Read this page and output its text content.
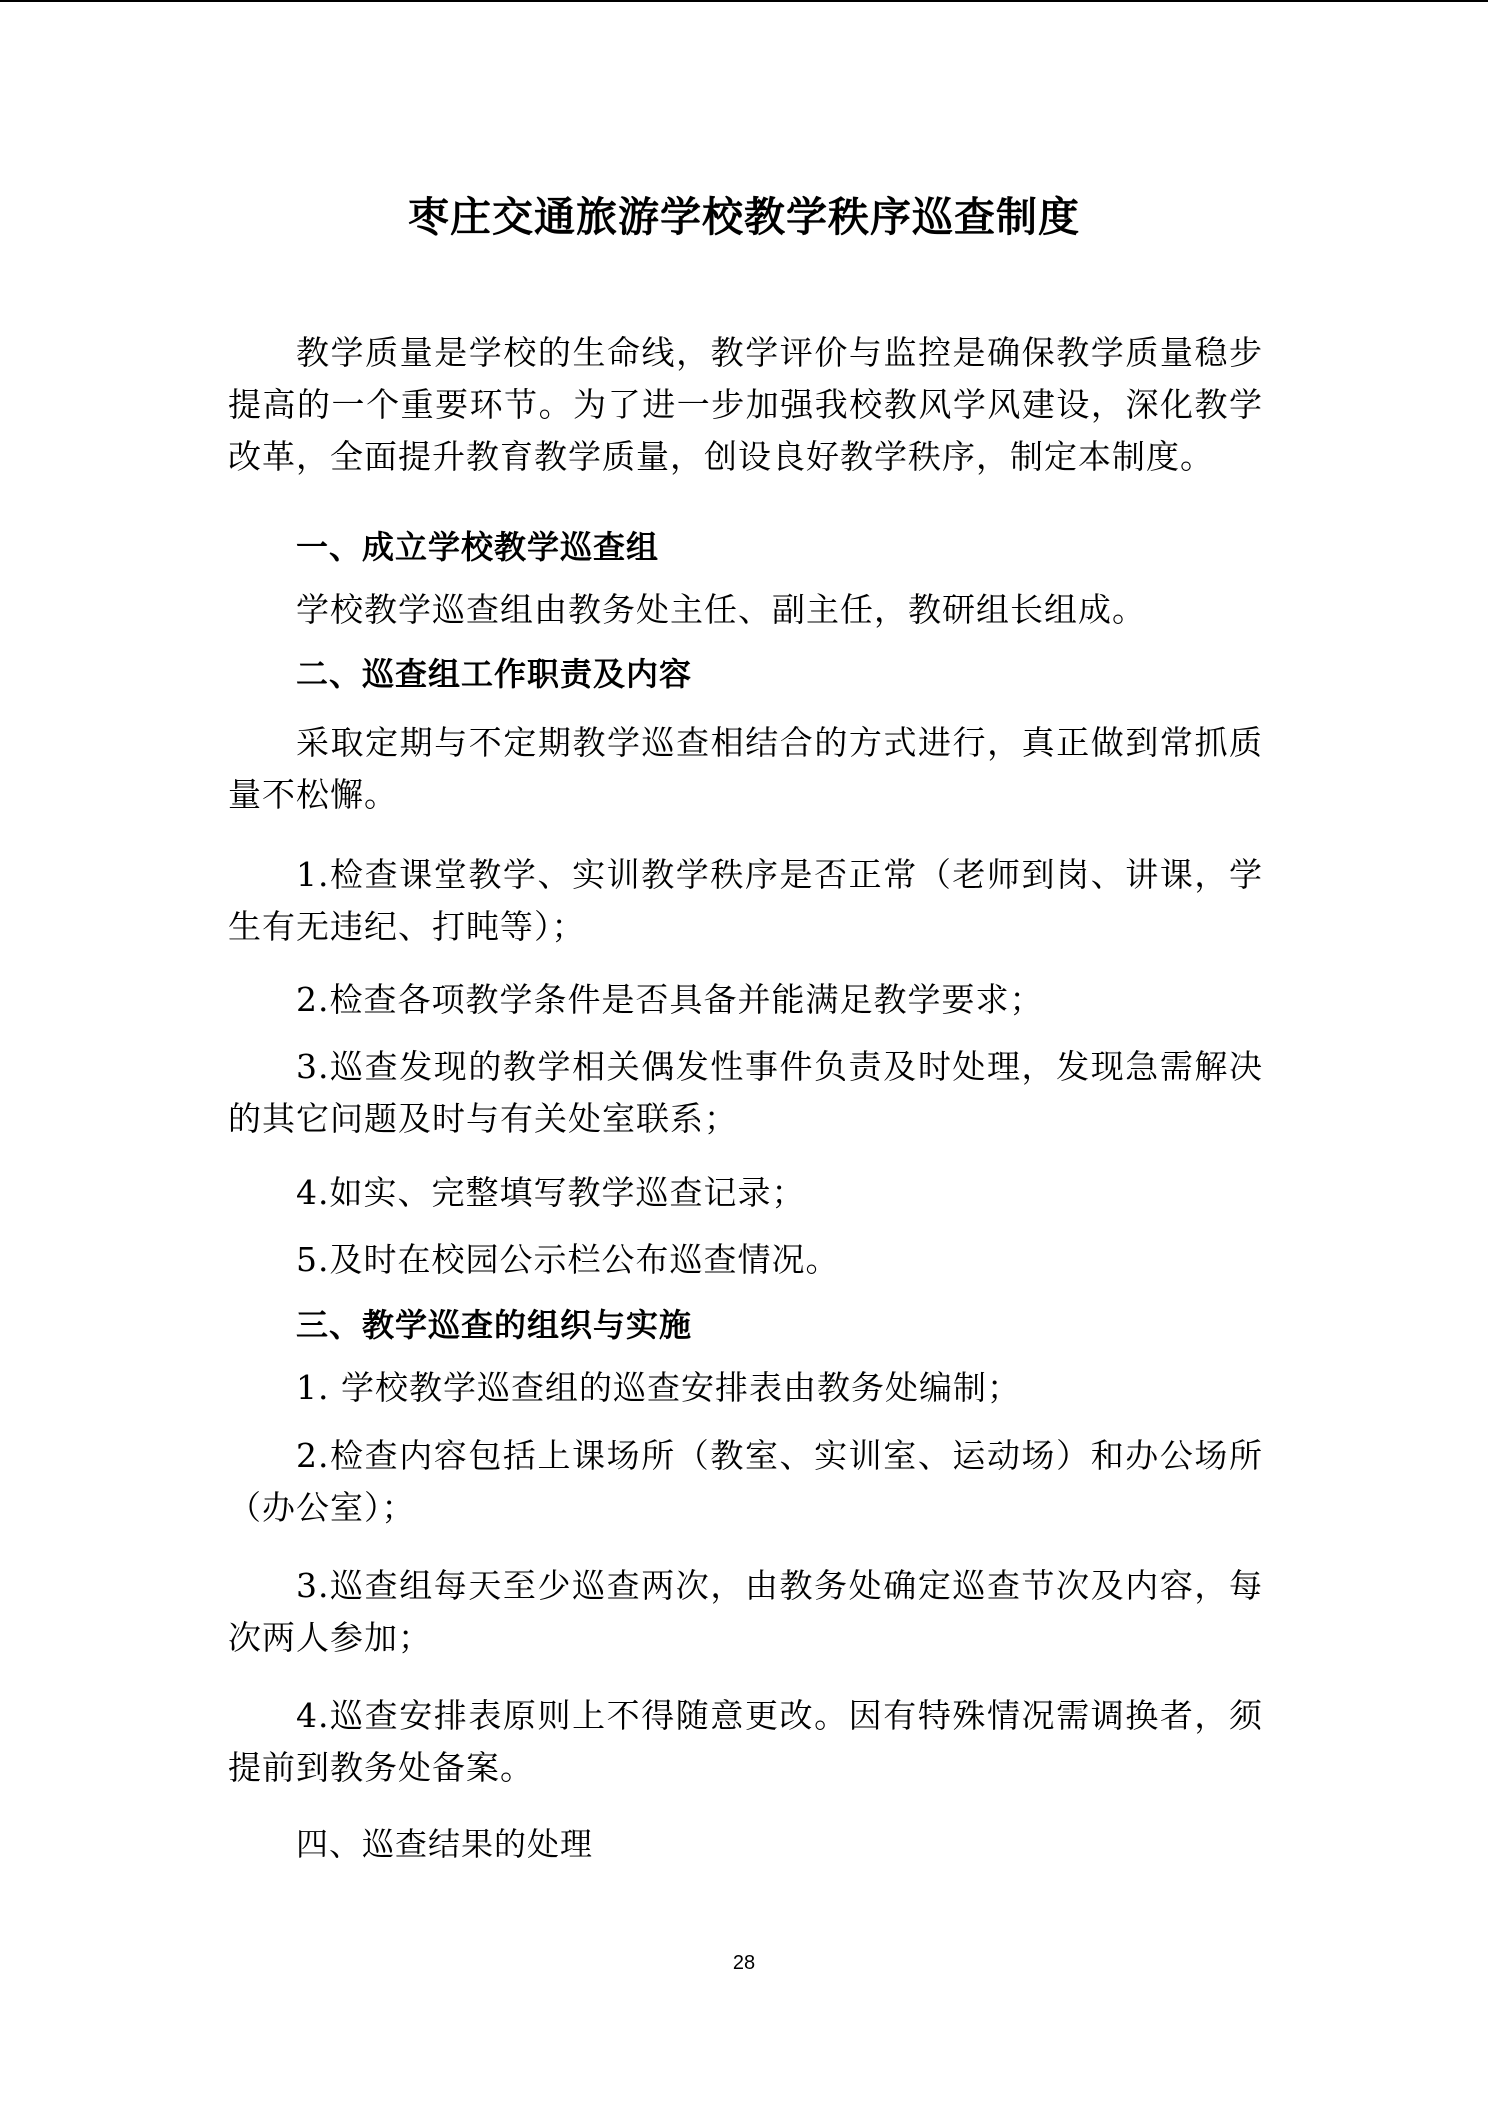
枣庄交通旅游学校教学秩序巡查制度
教学质量是学校的生命线，教学评价与监控是确保教学质量稳步提高的一个重要环节。为了进一步加强我校教风学风建设，深化教学改革，全面提升教育教学质量，创设良好教学秩序，制定本制度。
一、成立学校教学巡查组
学校教学巡查组由教务处主任、副主任，教研组长组成。
二、巡查组工作职责及内容
采取定期与不定期教学巡查相结合的方式进行，真正做到常抓质量不松懈。
1.检查课堂教学、实训教学秩序是否正常（老师到岗、讲课，学生有无违纪、打盹等）；
2.检查各项教学条件是否具备并能满足教学要求；
3.巡查发现的教学相关偶发性事件负责及时处理，发现急需解决的其它问题及时与有关处室联系；
4.如实、完整填写教学巡查记录；
5.及时在校园公示栏公布巡查情况。
三、教学巡查的组织与实施
1. 学校教学巡查组的巡查安排表由教务处编制；
2.检查内容包括上课场所（教室、实训室、运动场）和办公场所（办公室）；
3.巡查组每天至少巡查两次，由教务处确定巡查节次及内容，每次两人参加；
4.巡查安排表原则上不得随意更改。因有特殊情况需调换者，须提前到教务处备案。
四、巡查结果的处理
28
